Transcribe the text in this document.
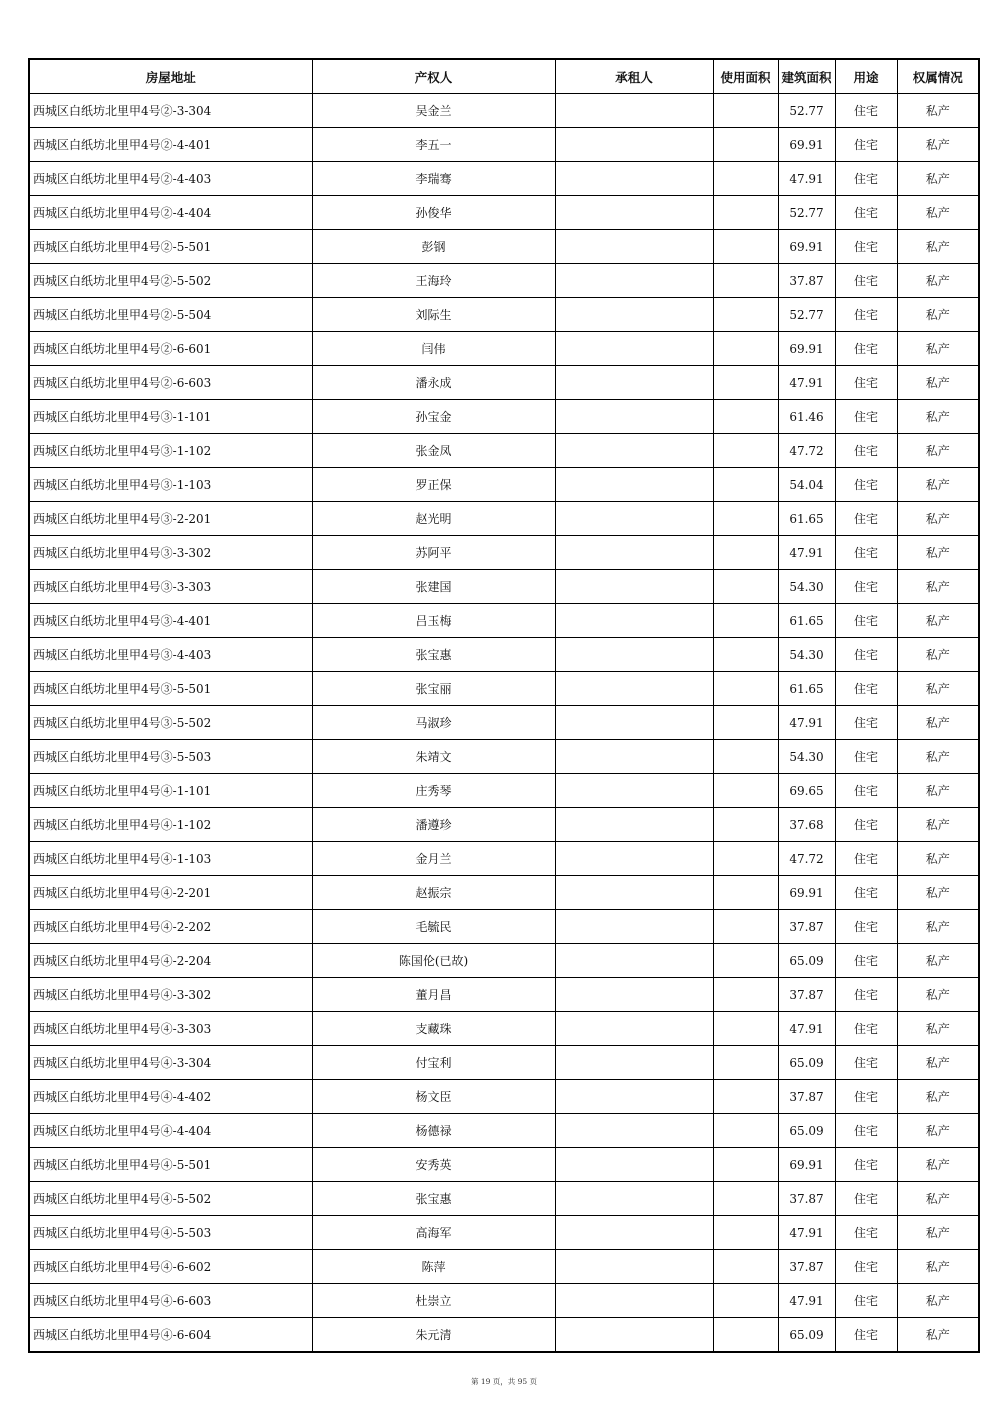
房屋地址	产权人	承租人	使用面积	建筑面积	用途	权属情况
西城区白纸坊北里甲4号②-3-304	吴金兰			52.77	住宅	私产
西城区白纸坊北里甲4号②-4-401	李五一			69.91	住宅	私产
西城区白纸坊北里甲4号②-4-403	李瑞骞			47.91	住宅	私产
西城区白纸坊北里甲4号②-4-404	孙俊华			52.77	住宅	私产
西城区白纸坊北里甲4号②-5-501	彭钢			69.91	住宅	私产
西城区白纸坊北里甲4号②-5-502	王海玲			37.87	住宅	私产
西城区白纸坊北里甲4号②-5-504	刘际生			52.77	住宅	私产
西城区白纸坊北里甲4号②-6-601	闫伟			69.91	住宅	私产
西城区白纸坊北里甲4号②-6-603	潘永成			47.91	住宅	私产
西城区白纸坊北里甲4号③-1-101	孙宝金			61.46	住宅	私产
西城区白纸坊北里甲4号③-1-102	张金凤			47.72	住宅	私产
西城区白纸坊北里甲4号③-1-103	罗正保			54.04	住宅	私产
西城区白纸坊北里甲4号③-2-201	赵光明			61.65	住宅	私产
西城区白纸坊北里甲4号③-3-302	苏阿平			47.91	住宅	私产
西城区白纸坊北里甲4号③-3-303	张建国			54.30	住宅	私产
西城区白纸坊北里甲4号③-4-401	吕玉梅			61.65	住宅	私产
西城区白纸坊北里甲4号③-4-403	张宝惠			54.30	住宅	私产
西城区白纸坊北里甲4号③-5-501	张宝丽			61.65	住宅	私产
西城区白纸坊北里甲4号③-5-502	马淑珍			47.91	住宅	私产
西城区白纸坊北里甲4号③-5-503	朱靖文			54.30	住宅	私产
西城区白纸坊北里甲4号④-1-101	庄秀琴			69.65	住宅	私产
西城区白纸坊北里甲4号④-1-102	潘遵珍			37.68	住宅	私产
西城区白纸坊北里甲4号④-1-103	金月兰			47.72	住宅	私产
西城区白纸坊北里甲4号④-2-201	赵振宗			69.91	住宅	私产
西城区白纸坊北里甲4号④-2-202	毛毓民			37.87	住宅	私产
西城区白纸坊北里甲4号④-2-204	陈国伦(已故)			65.09	住宅	私产
西城区白纸坊北里甲4号④-3-302	董月昌			37.87	住宅	私产
西城区白纸坊北里甲4号④-3-303	支藏珠			47.91	住宅	私产
西城区白纸坊北里甲4号④-3-304	付宝利			65.09	住宅	私产
西城区白纸坊北里甲4号④-4-402	杨文臣			37.87	住宅	私产
西城区白纸坊北里甲4号④-4-404	杨德禄			65.09	住宅	私产
西城区白纸坊北里甲4号④-5-501	安秀英			69.91	住宅	私产
西城区白纸坊北里甲4号④-5-502	张宝惠			37.87	住宅	私产
西城区白纸坊北里甲4号④-5-503	高海军			47.91	住宅	私产
西城区白纸坊北里甲4号④-6-602	陈萍			37.87	住宅	私产
西城区白纸坊北里甲4号④-6-603	杜崇立			47.91	住宅	私产
西城区白纸坊北里甲4号④-6-604	朱元清			65.09	住宅	私产
第 19 页，共 95 页
